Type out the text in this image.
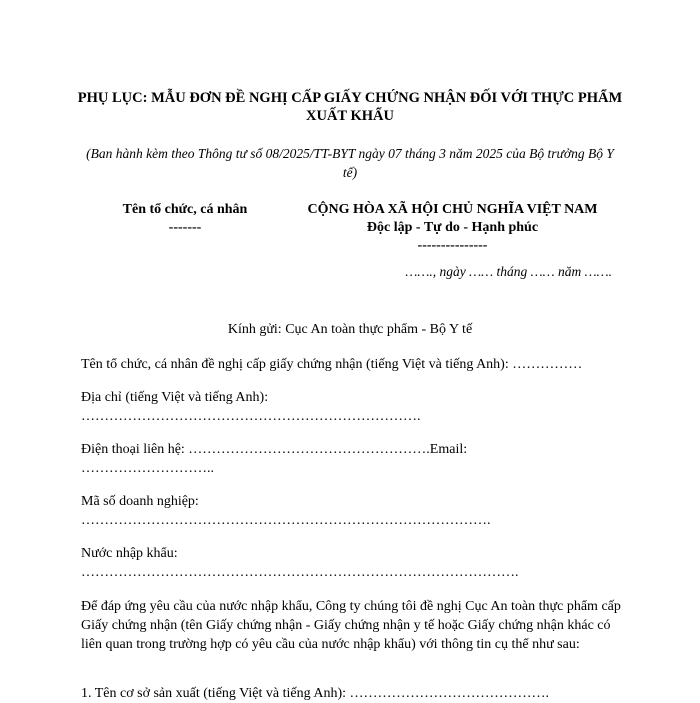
PHỤ LỤC: MẪU ĐƠN ĐỀ NGHỊ CẤP GIẤY CHỨNG NHẬN ĐỐI VỚI THỰC PHẨM XUẤT KHẨU

(Ban hành kèm theo Thông tư số 08/2025/TT-BYT ngày 07 tháng 3 năm 2025 của Bộ trưởng Bộ Y tế)

Tên tổ chức, cá nhân
-------
CỘNG HÒA XÃ HỘI CHỦ NGHĨA VIỆT NAM
Độc lập - Tự do - Hạnh phúc
---------------
……., ngày …… tháng …… năm …….
Kính gửi: Cục An toàn thực phẩm - Bộ Y tế

Tên tổ chức, cá nhân đề nghị cấp giấy chứng nhận (tiếng Việt và tiếng Anh): ……………

Địa chỉ (tiếng Việt và tiếng Anh):

……………………………………………………………….

Điện thoại liên hệ: …………………………………………….Email:

………………………..

Mã số doanh nghiệp:

…………………………………………………………………………….

Nước nhập khẩu:

………………………………………………………………………………….

Để đáp ứng yêu cầu của nước nhập khẩu, Công ty chúng tôi đề nghị Cục An toàn thực phẩm cấp Giấy chứng nhận (tên Giấy chứng nhận - Giấy chứng nhận y tế hoặc Giấy chứng nhận khác có liên quan trong trường hợp có yêu cầu của nước nhập khẩu) với thông tin cụ thể như sau:

1. Tên cơ sở sản xuất (tiếng Việt và tiếng Anh): …………………………………….
